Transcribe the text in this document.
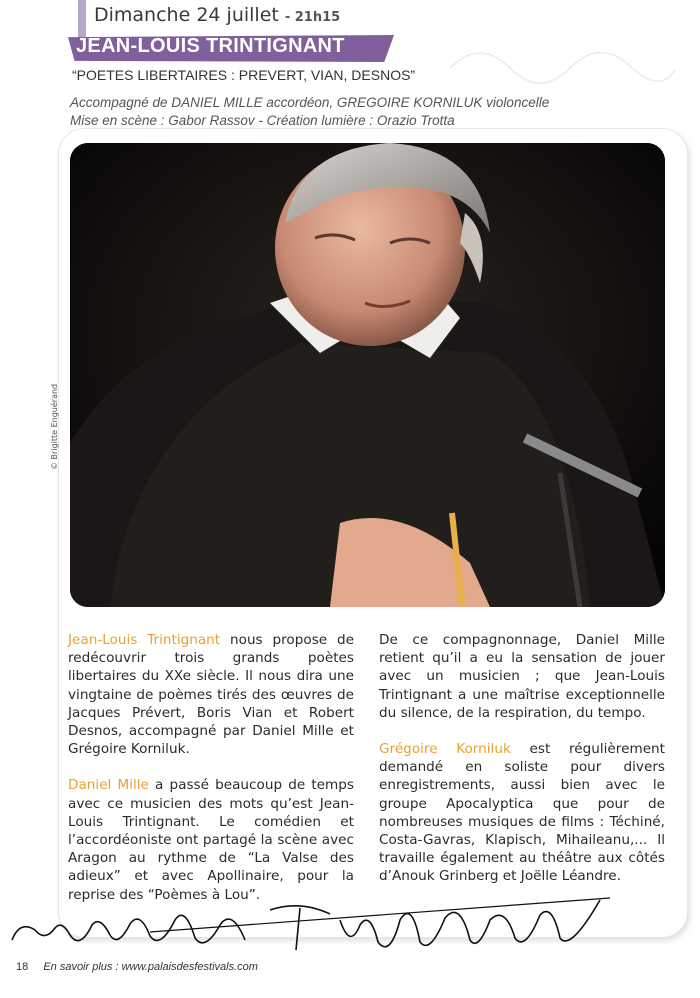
Dimanche 24 juillet - 21h15
JEAN-LOUIS TRINTIGNANT
“POETES LIBERTAIRES : PREVERT, VIAN, DESNOS”
Accompagné de DANIEL MILLE accordéon, GREGOIRE KORNILUK violoncelle
Mise en scène : Gabor Rassov - Création lumière : Orazio Trotta
© Brigitte Enguérand

Jean-Louis Trintignant nous propose de redécouvrir trois grands poètes libertaires du XXe siècle. Il nous dira une vingtaine de poèmes tirés des œuvres de Jacques Prévert, Boris Vian et Robert Desnos, accompagné par Daniel Mille et Grégoire Korniluk.

Daniel Mille a passé beaucoup de temps avec ce musicien des mots qu’est Jean-Louis Trintignant. Le comédien et l’accordéoniste ont partagé la scène avec Aragon au rythme de “La Valse des adieux” et avec Apollinaire, pour la reprise des “Poèmes à Lou”.

De ce compagnonnage, Daniel Mille retient qu’il a eu la sensation de jouer avec un musicien ; que Jean-Louis Trintignant a une maîtrise exceptionnelle du silence, de la respiration, du tempo.

Grégoire Korniluk est régulièrement demandé en soliste pour divers enregistrements, aussi bien avec le groupe Apocalyptica que pour de nombreuses musiques de films : Téchiné, Costa-Gavras, Klapisch, Mihaileanu,... Il travaille également au théâtre aux côtés d’Anouk Grinberg et Joëlle Léandre.

18 En savoir plus : www.palaisdesfestivals.com
